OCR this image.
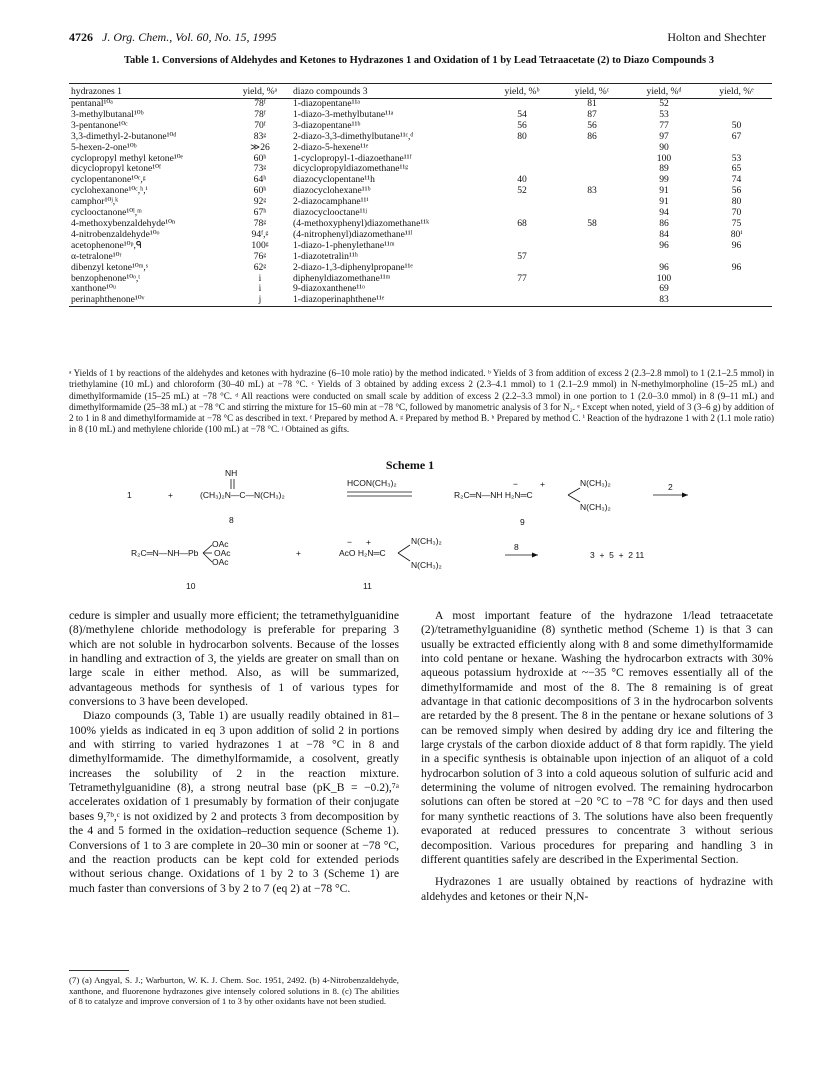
4726 J. Org. Chem., Vol. 60, No. 15, 1995	Holton and Shechter
Table 1. Conversions of Aldehydes and Ketones to Hydrazones 1 and Oxidation of 1 by Lead Tetraacetate (2) to Diazo Compounds 3
hydrazones 1	yield, %ᵃ	diazo compounds 3	yield, %ᵇ	yield, %ᶜ	yield, %ᵈ	yield, %ᵉ
pentanal¹⁰ᵃ	78ᶠ	1-diazopentane¹¹ᵃ		81	52	
3-methylbutanal¹⁰ᵇ	78ᶠ	1-diazo-3-methylbutane¹¹ᵃ	54	87	53	
3-pentanone¹⁰ᶜ	70ᶠ	3-diazopentane¹¹ᵇ	56	56	77	50
3,3-dimethyl-2-butanone¹⁰ᵈ	83ᵍ	2-diazo-3,3-dimethylbutane¹¹ᶜ,ᵈ	80	86	97	67
5-hexen-2-one¹⁰ᵇ	≫26	2-diazo-5-hexene¹¹ᵉ			90	
cyclopropyl methyl ketone¹⁰ᵉ	60ʰ	1-cyclopropyl-1-diazoethane¹¹ᶠ			100	53
dicyclopropyl ketone¹⁰ᶠ	73ᵍ	dicyclopropyldiazomethane¹¹ᵍ			89	65
cyclopentanone¹⁰ᶜ,ᵍ	64ʰ	diazocyclopentane¹¹h	40		99	74
cyclohexanone¹⁰ᶜ,ʰ,ⁱ	60ʰ	diazocyclohexane¹¹ᵇ	52	83	91	56
camphor¹⁰ʲ,ᵏ	92ᵍ	2-diazocamphane¹¹ⁱ			91	80
cyclooctanone¹⁰ˡ,ᵐ	67ʰ	diazocyclooctane¹¹ʲ			94	70
4-methoxybenzaldehyde¹⁰ⁿ	78ᵍ	(4-methoxyphenyl)diazomethane¹¹ᵏ	68	58	86	75
4-nitrobenzaldehyde¹⁰ᵒ	94ᶠ,ᵍ	(4-nitrophenyl)diazomethane¹¹ˡ			84	80ⁱ
acetophenone¹⁰ᵖ,ᑫ	100ᵍ	1-diazo-1-phenylethane¹¹ᵐ			96	96
α-tetralone¹⁰ʳ	76ᵍ	1-diazotetralin¹¹ʰ	57			
dibenzyl ketone¹⁰ᵐ,ˢ	62ᵍ	2-diazo-1,3-diphenylpropane¹¹ᵉ			96	96
benzophenone¹⁰ᵒ,ᵗ	i	diphenyldiazomethane¹¹ᵐ	77		100	
xanthone¹⁰ᵘ	i	9-diazoxanthene¹¹ᵒ			69	
perinaphthenone¹⁰ᵛ	j	1-diazoperinaphthene¹¹ᵉ			83	
ᵃ Yields of 1 by reactions of the aldehydes and ketones with hydrazine (6–10 mole ratio) by the method indicated. ᵇ Yields of 3 from addition of excess 2 (2.3–2.8 mmol) to 1 (2.1–2.5 mmol) in triethylamine (10 mL) and chloroform (30–40 mL) at −78 °C. ᶜ Yields of 3 obtained by adding excess 2 (2.3–4.1 mmol) to 1 (2.1–2.9 mmol) in N-methylmorpholine (15–25 mL) and dimethylformamide (15–25 mL) at −78 °C. ᵈ All reactions were conducted on small scale by addition of excess 2 (2.2–3.3 mmol) in one portion to 1 (2.0–3.0 mmol) in 8 (9–11 mL) and dimethylformamide (25–38 mL) at −78 °C and stirring the mixture for 15–60 min at −78 °C, followed by manometric analysis of 3 for N₂. ᵉ Except when noted, yield of 3 (3–6 g) by addition of 2 to 1 in 8 and dimethylformamide at −78 °C as described in text. ᶠ Prepared by method A. ᵍ Prepared by method B. ʰ Prepared by method C. ⁱ Reaction of the hydrazone 1 with 2 (1.1 mole ratio) in 8 (10 mL) and methylene chloride (100 mL) at −78 °C. ʲ Obtained as gifts.
Scheme 1
1	+
NH
(CH₃)₂N—C—N(CH₃)₂
8
HCON(CH₃)₂	−	+
R₂C═N—NH H₂N═C
N(CH₃)₂
N(CH₃)₂
9
2
OAc
OAc
R₂C═N—NH—Pb OAc
10
+
− +
AcO H₂N═C
N(CH₃)₂
N(CH₃)₂
11
8
3  +  5  +  2 11

cedure is simpler and usually more efficient; the tetramethylguanidine (8)/methylene chloride methodology is preferable for preparing 3 which are not soluble in hydrocarbon solvents. Because of the losses in handling and extraction of 3, the yields are greater on small than on large scale in either method. Also, as will be summarized, advantageous methods for synthesis of 1 of various types for conversions to 3 have been developed.

Diazo compounds (3, Table 1) are usually readily obtained in 81–100% yields as indicated in eq 3 upon addition of solid 2 in portions and with stirring to varied hydrazones 1 at −78 °C in 8 and dimethylformamide. The dimethylformamide, a cosolvent, greatly increases the solubility of 2 in the reaction mixture. Tetramethylguanidine (8), a strong neutral base (pK_B = −0.2),⁷ᵃ accelerates oxidation of 1 presumably by formation of their conjugate bases 9,⁷ᵇ,ᶜ is not oxidized by 2 and protects 3 from decomposition by the 4 and 5 formed in the oxidation–reduction sequence (Scheme 1). Conversions of 1 to 3 are complete in 20–30 min or sooner at −78 °C, and the reaction products can be kept cold for extended periods without serious change. Oxidations of 1 by 2 to 3 (Scheme 1) are much faster than conversions of 3 by 2 to 7 (eq 2) at −78 °C.

(7) (a) Angyal, S. J.; Warburton, W. K. J. Chem. Soc. 1951, 2492. (b) 4-Nitrobenzaldehyde, xanthone, and fluorenone hydrazones give intensely colored solutions in 8. (c) The abilities of 8 to catalyze and improve conversion of 1 to 3 by other oxidants have not been studied.

A most important feature of the hydrazone 1/lead tetraacetate (2)/tetramethylguanidine (8) synthetic method (Scheme 1) is that 3 can usually be extracted efficiently along with 8 and some dimethylformamide into cold pentane or hexane. Washing the hydrocarbon extracts with 30% aqueous potassium hydroxide at ~−35 °C removes essentially all of the dimethylformamide and most of the 8. The 8 remaining is of great advantage in that cationic decompositions of 3 in the hydrocarbon solvents are retarded by the 8 present. The 8 in the pentane or hexane solutions of 3 can be removed simply when desired by adding dry ice and filtering the large crystals of the carbon dioxide adduct of 8 that form rapidly. The yield in a specific synthesis is obtainable upon injection of an aliquot of a cold hydrocarbon solution of 3 into a cold aqueous solution of sulfuric acid and determining the volume of nitrogen evolved. The remaining hydrocarbon solutions can often be stored at −20 °C to −78 °C for days and then used for many synthetic reactions of 3. The solutions have also been frequently evaporated at reduced pressures to concentrate 3 without serious decomposition. Various procedures for preparing and handling 3 in different quantities safely are described in the Experimental Section.

Hydrazones 1 are usually obtained by reactions of hydrazine with aldehydes and ketones or their N,N-
